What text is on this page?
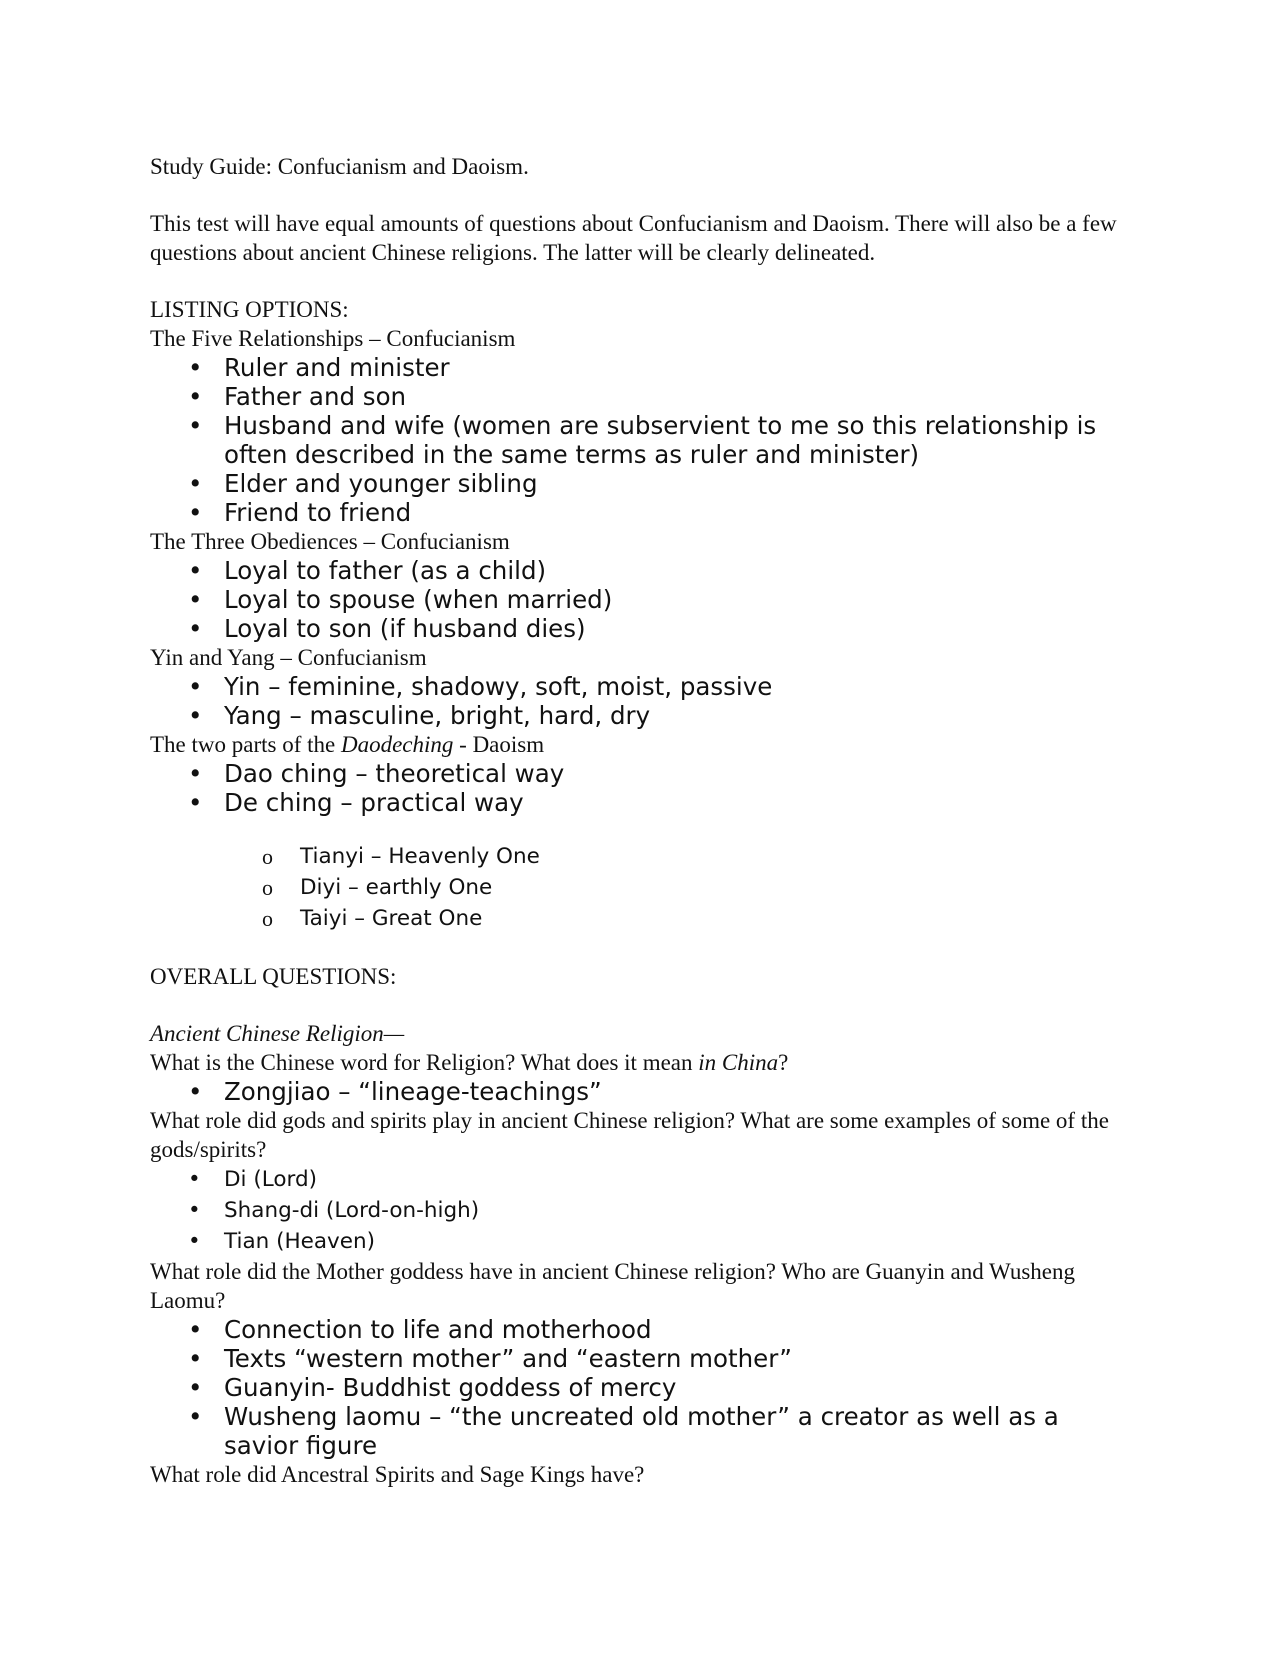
Study Guide: Confucianism and Daoism.

This test will have equal amounts of questions about Confucianism and Daoism. There will also be a few questions about ancient Chinese religions. The latter will be clearly delineated.

LISTING OPTIONS:

The Five Relationships – Confucianism

• Ruler and minister
• Father and son
• Husband and wife (women are subservient to me so this relationship is often described in the same terms as ruler and minister)
• Elder and younger sibling
• Friend to friend

The Three Obediences – Confucianism

• Loyal to father (as a child)
• Loyal to spouse (when married)
• Loyal to son (if husband dies)

Yin and Yang – Confucianism

• Yin – feminine, shadowy, soft, moist, passive
• Yang – masculine, bright, hard, dry

The two parts of the Daodeching - Daoism

• Dao ching – theoretical way
• De ching – practical way
o Tianyi – Heavenly One
o Diyi – earthly One
o Taiyi – Great One

OVERALL QUESTIONS:

Ancient Chinese Religion—

What is the Chinese word for Religion? What does it mean in China?

• Zongjiao – “lineage-teachings”

What role did gods and spirits play in ancient Chinese religion? What are some examples of some of the gods/spirits?

• Di (Lord)
• Shang-di (Lord-on-high)
• Tian (Heaven)

What role did the Mother goddess have in ancient Chinese religion? Who are Guanyin and Wusheng Laomu?

• Connection to life and motherhood
• Texts “western mother” and “eastern mother”
• Guanyin- Buddhist goddess of mercy
• Wusheng laomu – “the uncreated old mother” a creator as well as a savior figure

What role did Ancestral Spirits and Sage Kings have?
